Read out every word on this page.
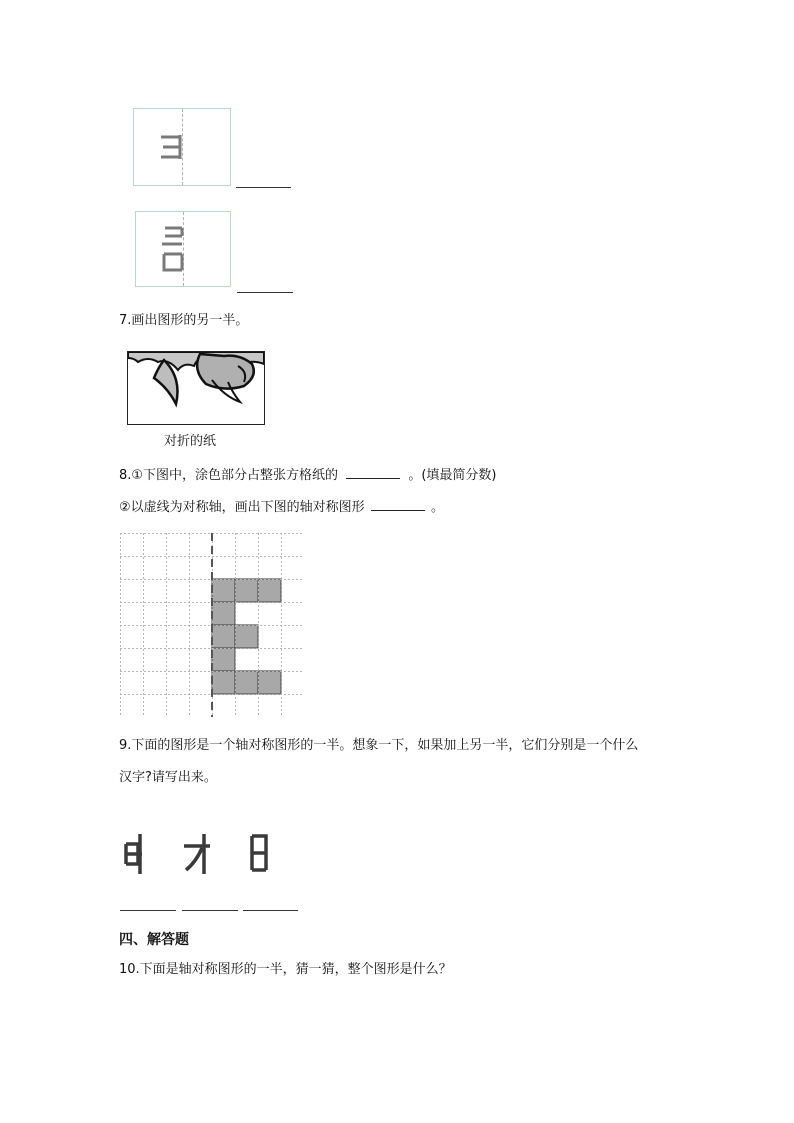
7.画出图形的另一半。
对折的纸
8.①下图中，涂色部分占整张方格纸的	。(填最简分数)
②以虚线为对称轴，画出下图的轴对称图形	。
9.下面的图形是一个轴对称图形的一半。想象一下，如果加上另一半，它们分别是一个什么
汉字?请写出来。
四、解答题
10.下面是轴对称图形的一半，猜一猜，整个图形是什么？
